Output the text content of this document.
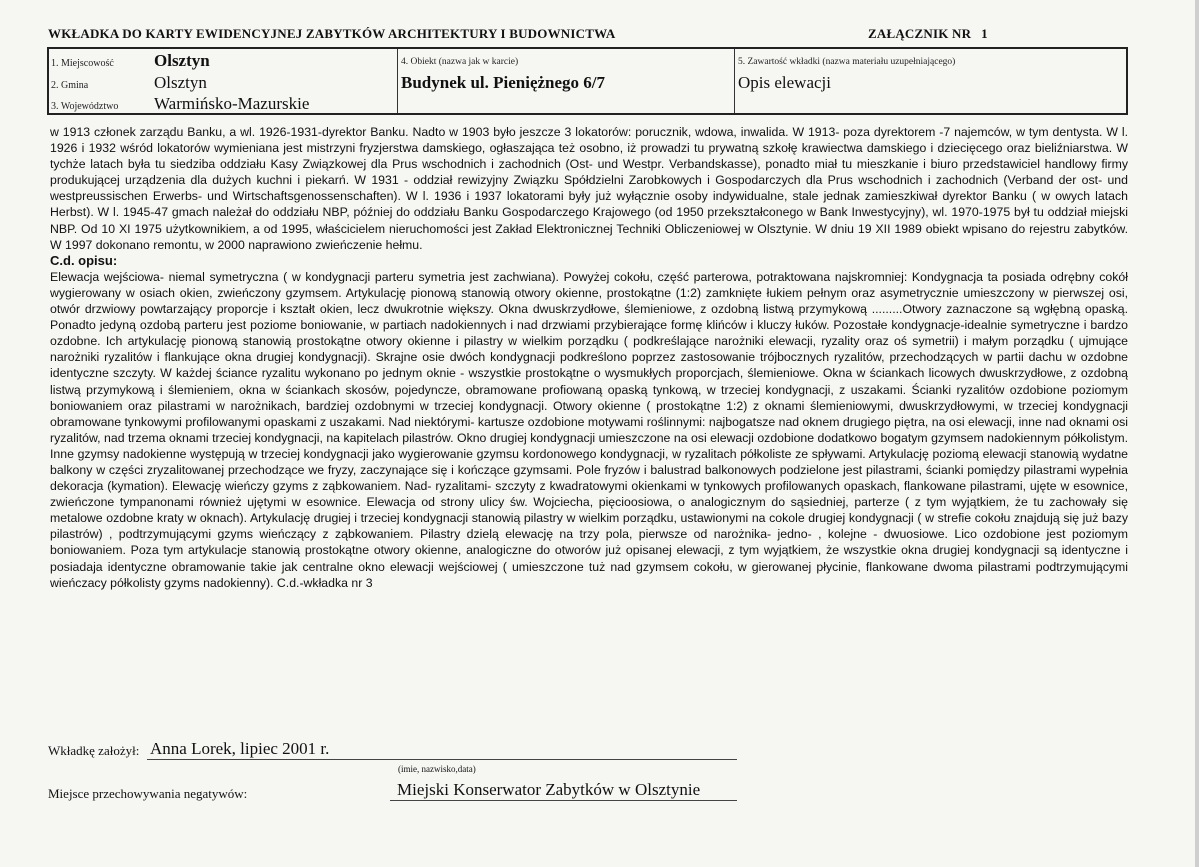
WKŁADKA DO KARTY EWIDENCYJNEJ ZABYTKÓW ARCHITEKTURY I BUDOWNICTWA	ZAŁĄCZNIK NR 1
1. Miejscowość Olsztyn
2. Gmina	Olsztyn
3. Województwo Warmińsko-Mazurskie
4. Obiekt (nazwa jak w karcie)
Budynek ul. Pieniężnego 6/7
5. Zawartość wkładki (nazwa materiału uzupełniającego)
Opis elewacji

w 1913 członek zarządu Banku, a wl. 1926-1931-dyrektor Banku. Nadto w 1903 było jeszcze 3 lokatorów: porucznik, wdowa, inwalida. W 1913- poza dyrektorem -7 najemców, w tym dentysta. W l. 1926 i 1932 wśród lokatorów wymieniana jest mistrzyni fryzjerstwa damskiego, ogłaszająca też osobno, iż prowadzi tu prywatną szkołę krawiectwa damskiego i dziecięcego oraz bieliźniarstwa. W tychże latach była tu siedziba oddziału Kasy Związkowej dla Prus wschodnich i zachodnich (Ost- und Westpr. Verbandskasse), ponadto miał tu mieszkanie i biuro przedstawiciel handlowy firmy produkującej urządzenia dla dużych kuchni i piekarń. W 1931 - oddział rewizyjny Związku Spółdzielni Zarobkowych i Gospodarczych dla Prus wschodnich i zachodnich (Verband der ost- und westpreussischen Erwerbs- und Wirtschaftsgenossenschaften). W l. 1936 i 1937 lokatorami były już wyłącznie osoby indywidualne, stale jednak zamieszkiwał dyrektor Banku ( w owych latach Herbst). W l. 1945-47 gmach należał do oddziału NBP, później do oddziału Banku Gospodarczego Krajowego (od 1950 przekształconego w Bank Inwestycyjny), wl. 1970-1975 był tu oddział miejski NBP. Od 10 XI 1975 użytkownikiem, a od 1995, właścicielem nieruchomości jest Zakład Elektronicznej Techniki Obliczeniowej w Olsztynie. W dniu 19 XII 1989 obiekt wpisano do rejestru zabytków. W 1997 dokonano remontu, w 2000 naprawiono zwieńczenie hełmu.

C.d. opisu:

Elewacja wejściowa- niemal symetryczna ( w kondygnacji parteru symetria jest zachwiana). Powyżej cokołu, część parterowa, potraktowana najskromniej: Kondygnacja ta posiada odrębny cokół wygierowany w osiach okien, zwieńczony gzymsem. Artykulację pionową stanowią otwory okienne, prostokątne (1:2) zamknięte łukiem pełnym oraz asymetrycznie umieszczony w pierwszej osi, otwór drzwiowy powtarzający proporcje i kształt okien, lecz dwukrotnie większy. Okna dwuskrzydłowe, ślemieniowe, z ozdobną listwą przymykową .........Otwory zaznaczone są wgłębną opaską. Ponadto jedyną ozdobą parteru jest poziome boniowanie, w partiach nadokiennych i nad drzwiami przybierające formę klińców i kluczy łuków. Pozostałe kondygnacje-idealnie symetryczne i bardzo ozdobne. Ich artykulację pionową stanowią prostokątne otwory okienne i pilastry w wielkim porządku ( podkreślające narożniki elewacji, ryzality oraz oś symetrii) i małym porządku ( ujmujące narożniki ryzalitów i flankujące okna drugiej kondygnacji). Skrajne osie dwóch kondygnacji podkreślono poprzez zastosowanie trójbocznych ryzalitów, przechodzących w partii dachu w ozdobne identyczne szczyty. W każdej ściance ryzalitu wykonano po jednym oknie - wszystkie prostokątne o wysmukłych proporcjach, ślemieniowe. Okna w ściankach licowych dwuskrzydłowe, z ozdobną listwą przymykową i ślemieniem, okna w ściankach skosów, pojedyncze, obramowane profiowaną opaską tynkową, w trzeciej kondygnacji, z uszakami. Ścianki ryzalitów ozdobione poziomym boniowaniem oraz pilastrami w narożnikach, bardziej ozdobnymi w trzeciej kondygnacji. Otwory okienne ( prostokątne 1:2) z oknami ślemieniowymi, dwuskrzydłowymi, w trzeciej kondygnacji obramowane tynkowymi profilowanymi opaskami z uszakami. Nad niektórymi- kartusze ozdobione motywami roślinnymi: najbogatsze nad oknem drugiego piętra, na osi elewacji, inne nad oknami osi ryzalitów, nad trzema oknami trzeciej kondygnacji, na kapitelach pilastrów. Okno drugiej kondygnacji umieszczone na osi elewacji ozdobione dodatkowo bogatym gzymsem nadokiennym półkolistym. Inne gzymsy nadokienne występują w trzeciej kondygnacji jako wygierowanie gzymsu kordonowego kondygnacji, w ryzalitach półkoliste ze spływami. Artykulację poziomą elewacji stanowią wydatne balkony w części zryzalitowanej przechodzące we fryzy, zaczynające się i kończące gzymsami. Pole fryzów i balustrad balkonowych podzielone jest pilastrami, ścianki pomiędzy pilastrami wypełnia dekoracja (kymation). Elewację wieńczy gzyms z ząbkowaniem. Nad- ryzalitami- szczyty z kwadratowymi okienkami w tynkowych profilowanych opaskach, flankowane pilastrami, ujęte w esownice, zwieńczone tympanonami również ujętymi w esownice. Elewacja od strony ulicy św. Wojciecha, pięcioosiowa, o analogicznym do sąsiedniej, parterze ( z tym wyjątkiem, że tu zachowały się metalowe ozdobne kraty w oknach). Artykulację drugiej i trzeciej kondygnacji stanowią pilastry w wielkim porządku, ustawionymi na cokole drugiej kondygnacji ( w strefie cokołu znajdują się już bazy pilastrów) , podtrzymującymi gzyms wieńczący z ząbkowaniem. Pilastry dzielą elewację na trzy pola, pierwsze od narożnika- jedno- , kolejne - dwuosiowe. Lico ozdobione jest poziomym boniowaniem. Poza tym artykulacje stanowią prostokątne otwory okienne, analogiczne do otworów już opisanej elewacji, z tym wyjątkiem, że wszystkie okna drugiej kondygnacji są identyczne i posiadaja identyczne obramowanie takie jak centralne okno elewacji wejściowej ( umieszczone tuż nad gzymsem cokołu, w gierowanej płycinie, flankowane dwoma pilastrami podtrzymującymi wieńczacy półkolisty gzyms nadokienny). C.d.-wkładka nr 3

Wkładkę założył: Anna Lorek, lipiec 2001 r.
(imie, nazwisko,data)
Miejsce przechowywania negatywów:	Miejski Konserwator Zabytków w Olsztynie
